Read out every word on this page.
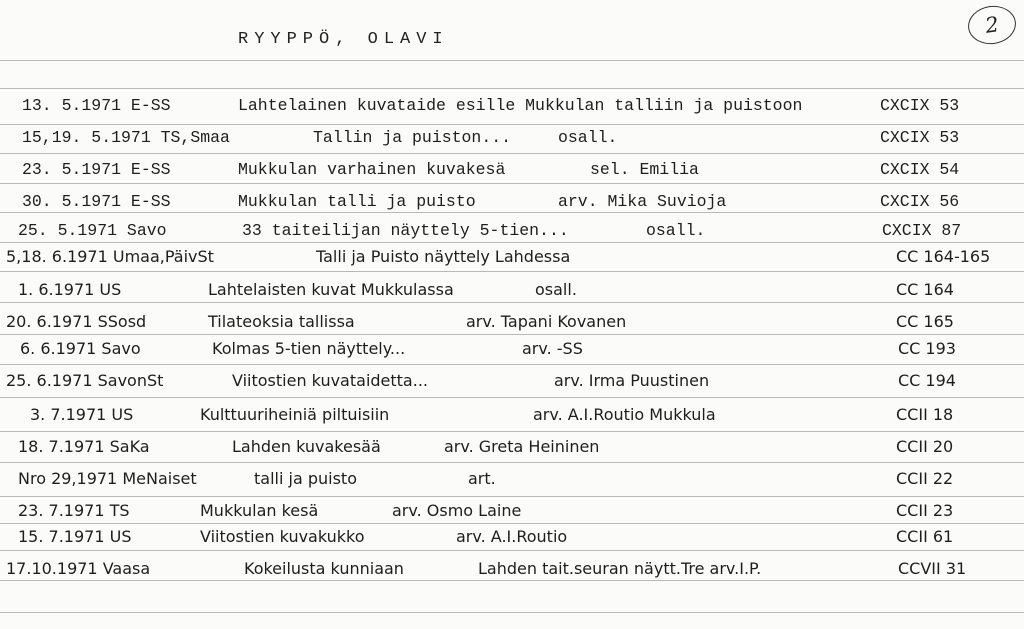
RYYPPÖ, OLAVI
2
13. 5.1971 E-SS	Lahtelainen kuvataide esille Mukkulan talliin ja puistoon	CXCIX 53
15,19. 5.1971 TS,Smaa	Tallin ja puiston...	osall.	CXCIX 53
23. 5.1971 E-SS	Mukkulan varhainen kuvakesä	sel. Emilia	CXCIX 54
30. 5.1971 E-SS	Mukkulan talli ja puisto	arv. Mika Suvioja	CXCIX 56
25. 5.1971 Savo	33 taiteilijan näyttely 5-tien...	osall.	CXCIX 87
5,18. 6.1971 Umaa,PäivSt	Talli ja Puisto näyttely Lahdessa	CC 164-165
1. 6.1971 US	Lahtelaisten kuvat Mukkulassa	osall.	CC 164
20. 6.1971 SSosd	Tilateoksia tallissa	arv. Tapani Kovanen	CC 165
6. 6.1971 Savo	Kolmas 5-tien näyttely...	arv. -SS	CC 193
25. 6.1971 SavonSt	Viitostien kuvataidetta...	arv. Irma Puustinen	CC 194
3. 7.1971 US	Kulttuuriheiniä piltuisiin	arv. A.I.Routio Mukkula	CCII 18
18. 7.1971 SaKa	Lahden kuvakesää	arv. Greta Heininen	CCII 20
Nro 29,1971 MeNaiset	talli ja puisto	art.	CCII 22
23. 7.1971 TS	Mukkulan kesä	arv. Osmo Laine	CCII 23
15. 7.1971 US	Viitostien kuvakukko	arv. A.I.Routio	CCII 61
17.10.1971 Vaasa	Kokeilusta kunniaan	Lahden tait.seuran näytt.Tre arv.I.P.	CCVII 31
